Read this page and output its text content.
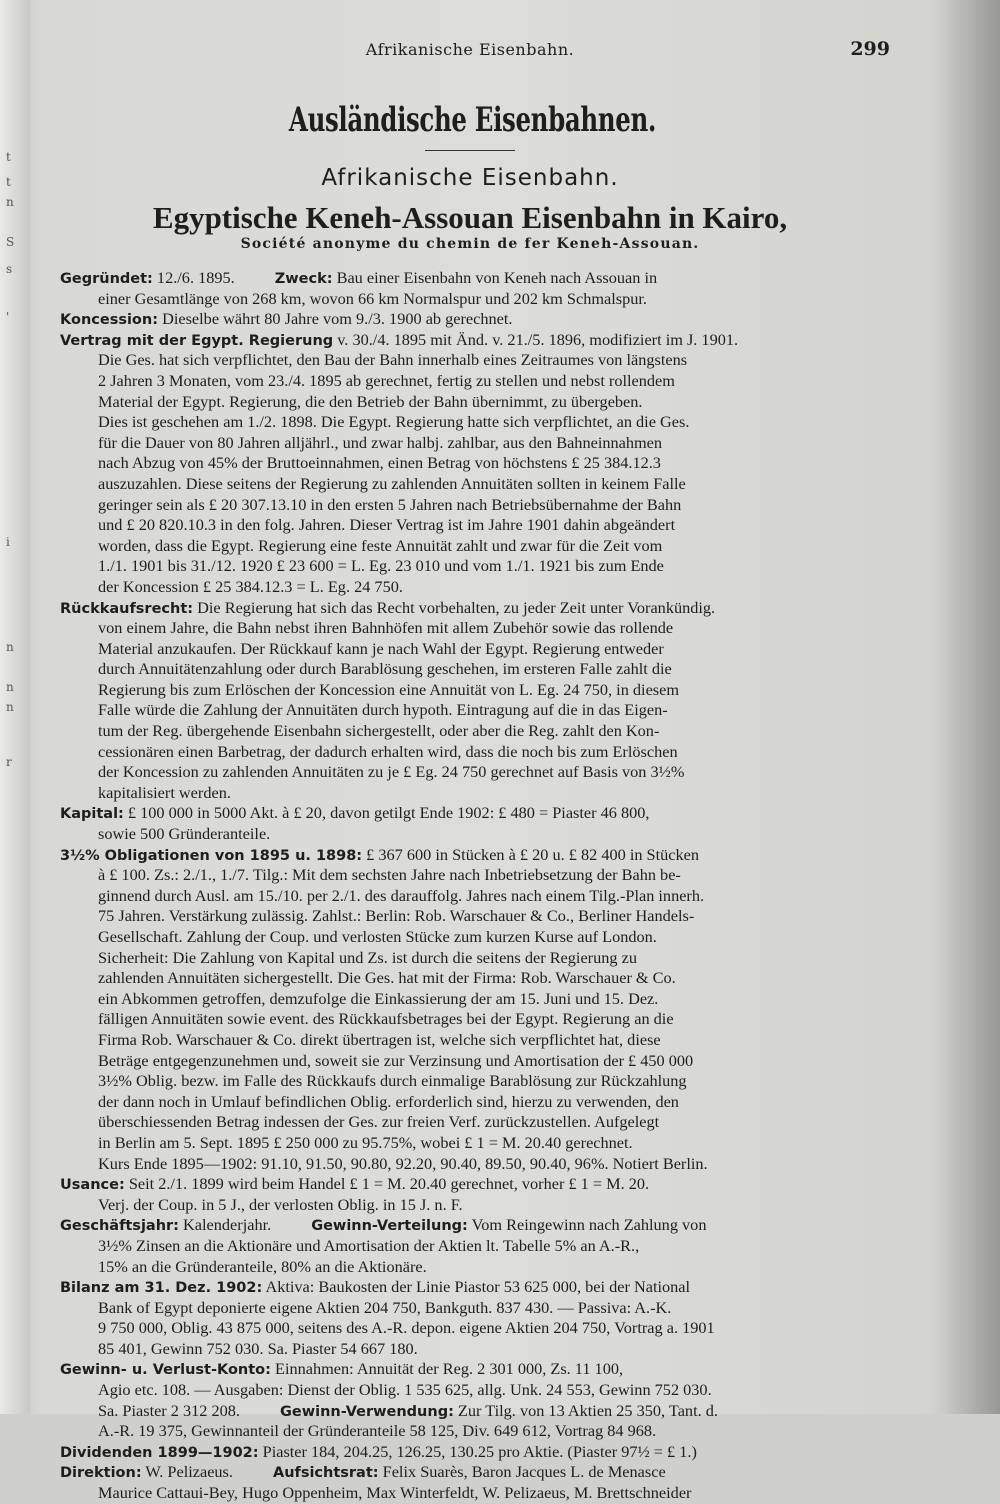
t
t
n
S
s
'
i
n
n
n
r
Afrikanische Eisenbahn.	299
Ausländische Eisenbahnen.
Afrikanische Eisenbahn.
Egyptische Keneh-Assouan Eisenbahn in Kairo,
Société anonyme du chemin de fer Keneh-Assouan.
Gegründet: 12./6. 1895.	Zweck: Bau einer Eisenbahn von Keneh nach Assouan in
einer Gesamtlänge von 268 km, wovon 66 km Normalspur und 202 km Schmalspur.
Koncession: Dieselbe währt 80 Jahre vom 9./3. 1900 ab gerechnet.
Vertrag mit der Egypt. Regierung v. 30./4. 1895 mit Änd. v. 21./5. 1896, modifiziert im J. 1901.
Die Ges. hat sich verpflichtet, den Bau der Bahn innerhalb eines Zeitraumes von längstens
2 Jahren 3 Monaten, vom 23./4. 1895 ab gerechnet, fertig zu stellen und nebst rollendem
Material der Egypt. Regierung, die den Betrieb der Bahn übernimmt, zu übergeben.
Dies ist geschehen am 1./2. 1898. Die Egypt. Regierung hatte sich verpflichtet, an die Ges.
für die Dauer von 80 Jahren alljährl., und zwar halbj. zahlbar, aus den Bahneinnahmen
nach Abzug von 45% der Bruttoeinnahmen, einen Betrag von höchstens £ 25 384.12.3
auszuzahlen. Diese seitens der Regierung zu zahlenden Annuitäten sollten in keinem Falle
geringer sein als £ 20 307.13.10 in den ersten 5 Jahren nach Betriebsübernahme der Bahn
und £ 20 820.10.3 in den folg. Jahren. Dieser Vertrag ist im Jahre 1901 dahin abgeändert
worden, dass die Egypt. Regierung eine feste Annuität zahlt und zwar für die Zeit vom
1./1. 1901 bis 31./12. 1920 £ 23 600 = L. Eg. 23 010 und vom 1./1. 1921 bis zum Ende
der Koncession £ 25 384.12.3 = L. Eg. 24 750.
Rückkaufsrecht: Die Regierung hat sich das Recht vorbehalten, zu jeder Zeit unter Vorankündig.
von einem Jahre, die Bahn nebst ihren Bahnhöfen mit allem Zubehör sowie das rollende
Material anzukaufen. Der Rückkauf kann je nach Wahl der Egypt. Regierung entweder
durch Annuitätenzahlung oder durch Barablösung geschehen, im ersteren Falle zahlt die
Regierung bis zum Erlöschen der Koncession eine Annuität von L. Eg. 24 750, in diesem
Falle würde die Zahlung der Annuitäten durch hypoth. Eintragung auf die in das Eigen-
tum der Reg. übergehende Eisenbahn sichergestellt, oder aber die Reg. zahlt den Kon-
cessionären einen Barbetrag, der dadurch erhalten wird, dass die noch bis zum Erlöschen
der Koncession zu zahlenden Annuitäten zu je £ Eg. 24 750 gerechnet auf Basis von 3½%
kapitalisiert werden.
Kapital: £ 100 000 in 5000 Akt. à £ 20, davon getilgt Ende 1902: £ 480 = Piaster 46 800,
sowie 500 Gründeranteile.
3½% Obligationen von 1895 u. 1898: £ 367 600 in Stücken à £ 20 u. £ 82 400 in Stücken
à £ 100. Zs.: 2./1., 1./7. Tilg.: Mit dem sechsten Jahre nach Inbetriebsetzung der Bahn be-
ginnend durch Ausl. am 15./10. per 2./1. des darauffolg. Jahres nach einem Tilg.-Plan innerh.
75 Jahren. Verstärkung zulässig. Zahlst.: Berlin: Rob. Warschauer & Co., Berliner Handels-
Gesellschaft. Zahlung der Coup. und verlosten Stücke zum kurzen Kurse auf London.
Sicherheit: Die Zahlung von Kapital und Zs. ist durch die seitens der Regierung zu
zahlenden Annuitäten sichergestellt. Die Ges. hat mit der Firma: Rob. Warschauer & Co.
ein Abkommen getroffen, demzufolge die Einkassierung der am 15. Juni und 15. Dez.
fälligen Annuitäten sowie event. des Rückkaufsbetrages bei der Egypt. Regierung an die
Firma Rob. Warschauer & Co. direkt übertragen ist, welche sich verpflichtet hat, diese
Beträge entgegenzunehmen und, soweit sie zur Verzinsung und Amortisation der £ 450 000
3½% Oblig. bezw. im Falle des Rückkaufs durch einmalige Barablösung zur Rückzahlung
der dann noch in Umlauf befindlichen Oblig. erforderlich sind, hierzu zu verwenden, den
überschiessenden Betrag indessen der Ges. zur freien Verf. zurückzustellen. Aufgelegt
in Berlin am 5. Sept. 1895 £ 250 000 zu 95.75%, wobei £ 1 = M. 20.40 gerechnet.
Kurs Ende 1895—1902: 91.10, 91.50, 90.80, 92.20, 90.40, 89.50, 90.40, 96%. Notiert Berlin.
Usance: Seit 2./1. 1899 wird beim Handel £ 1 = M. 20.40 gerechnet, vorher £ 1 = M. 20.
Verj. der Coup. in 5 J., der verlosten Oblig. in 15 J. n. F.
Geschäftsjahr: Kalenderjahr.	Gewinn-Verteilung: Vom Reingewinn nach Zahlung von
3½% Zinsen an die Aktionäre und Amortisation der Aktien lt. Tabelle 5% an A.-R.,
15% an die Gründeranteile, 80% an die Aktionäre.
Bilanz am 31. Dez. 1902: Aktiva: Baukosten der Linie Piastor 53 625 000, bei der National
Bank of Egypt deponierte eigene Aktien 204 750, Bankguth. 837 430. — Passiva: A.-K.
9 750 000, Oblig. 43 875 000, seitens des A.-R. depon. eigene Aktien 204 750, Vortrag a. 1901
85 401, Gewinn 752 030. Sa. Piaster 54 667 180.
Gewinn- u. Verlust-Konto: Einnahmen: Annuität der Reg. 2 301 000, Zs. 11 100,
Agio etc. 108. — Ausgaben: Dienst der Oblig. 1 535 625, allg. Unk. 24 553, Gewinn 752 030.
Sa. Piaster 2 312 208.	Gewinn-Verwendung: Zur Tilg. von 13 Aktien 25 350, Tant. d.
A.-R. 19 375, Gewinnanteil der Gründeranteile 58 125, Div. 649 612, Vortrag 84 968.
Dividenden 1899—1902: Piaster 184, 204.25, 126.25, 130.25 pro Aktie. (Piaster 97½ = £ 1.)
Direktion: W. Pelizaeus.	Aufsichtsrat: Felix Suarès, Baron Jacques L. de Menasce
Maurice Cattaui-Bey, Hugo Oppenheim, Max Winterfeldt, W. Pelizaeus, M. Brettschneider
